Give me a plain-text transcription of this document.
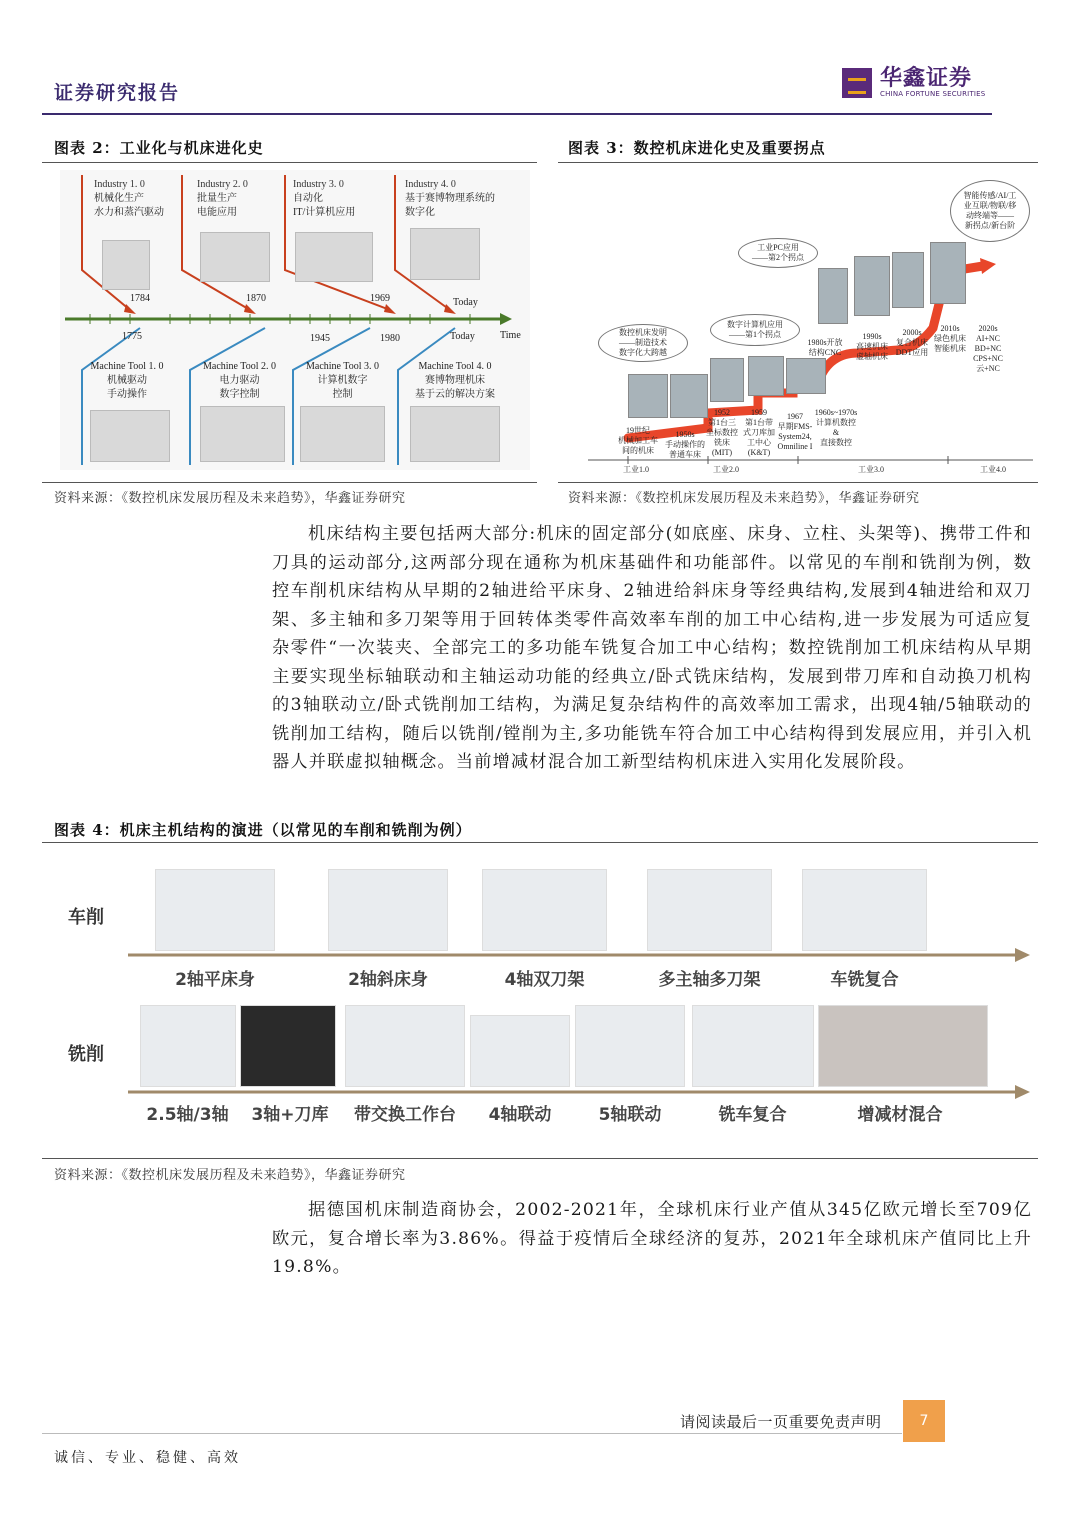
证券研究报告
华鑫证券
CHINA FORTUNE SECURITIES
图表 2：工业化与机床进化史	图表 3：数控机床进化史及重要拐点
Industry 1. 0
机械化生产
水力和蒸汽驱动
Industry 2. 0
批量生产
电能应用
Industry 3. 0
自动化
IT/计算机应用
Industry 4. 0
基于赛博物理系统的
数字化
1784	1870	1969	Today
1775	1945	1980	Today	Time
Machine Tool 1. 0
机械驱动
手动操作
Machine Tool 2. 0
电力驱动
数字控制
Machine Tool 3. 0
计算机数字
控制
Machine Tool 4. 0
赛博物理机床
基于云的解决方案
数控机床发明
——制造技术
数字化大跨越
数字计算机应用
——第1个拐点
工业PC应用
——第2个拐点
智能传感/AI/工
业互联/物联/移
动终端等——
新拐点/新台阶
19世纪
机械加工车
间的机床
1950s
手动操作的
普通车床
1952
第1台三
坐标数控
铣床
(MIT)
1959
第1台带
式刀库加
工中心
(K&T)
1967
早期FMS-
System24,
Omniline I
1960s~1970s
计算机数控
&
直接数控
1980s开放
结构CNC
1990s
高速机床
虚轴机床
2000s
复合机床
DDT应用
2010s
绿色机床
智能机床
2020s
AI+NC
BD+NC
CPS+NC
云+NC
工业1.0	工业2.0	工业3.0	工业4.0
资料来源：《数控机床发展历程及未来趋势》，华鑫证券研究	资料来源：《数控机床发展历程及未来趋势》，华鑫证券研究
机床结构主要包括两大部分:机床的固定部分(如底座、床身、立柱、头架等)、携带工件和刀具的运动部分,这两部分现在通称为机床基础件和功能部件。以常见的车削和铣削为例，数控车削机床结构从早期的2轴进给平床身、2轴进给斜床身等经典结构,发展到4轴进给和双刀架、多主轴和多刀架等用于回转体类零件高效率车削的加工中心结构,进一步发展为可适应复杂零件“一次装夹、全部完工的多功能车铣复合加工中心结构；数控铣削加工机床结构从早期主要实现坐标轴联动和主轴运动功能的经典立/卧式铣床结构，发展到带刀库和自动换刀机构的3轴联动立/卧式铣削加工结构，为满足复杂结构件的高效率加工需求，出现4轴/5轴联动的铣削加工结构，随后以铣削/镗削为主,多功能铣车符合加工中心结构得到发展应用，并引入机器人并联虚拟轴概念。当前增减材混合加工新型结构机床进入实用化发展阶段。
图表 4：机床主机结构的演进（以常见的车削和铣削为例）
车削
铣削
2轴平床身	2轴斜床身	4轴双刀架	多主轴多刀架	车铣复合
2.5轴/3轴	3轴+刀库	带交换工作台	4轴联动	5轴联动	铣车复合	增减材混合
资料来源：《数控机床发展历程及未来趋势》，华鑫证券研究
据德国机床制造商协会，2002-2021年，全球机床行业产值从345亿欧元增长至709亿欧元，复合增长率为3.86%。得益于疫情后全球经济的复苏，2021年全球机床产值同比上升19.8%。
请阅读最后一页重要免责声明	7
诚信、专业、稳健、高效
